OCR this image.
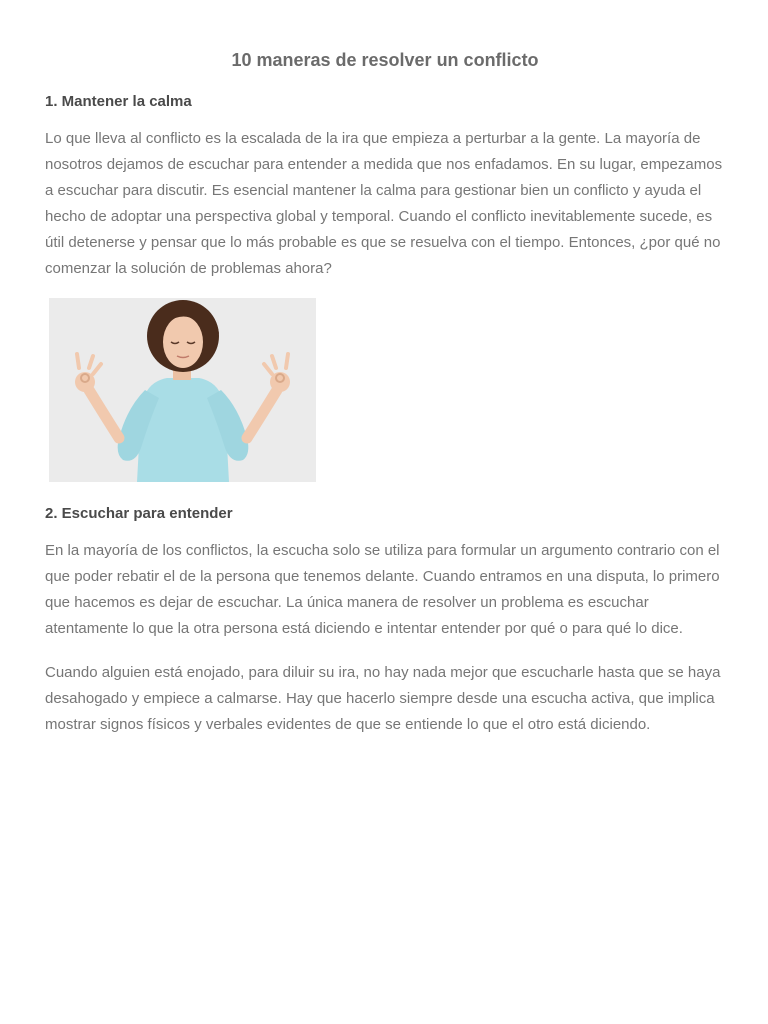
10 maneras de resolver un conflicto
1. Mantener la calma

Lo que lleva al conflicto es la escalada de la ira que empieza a perturbar a la gente. La mayoría de nosotros dejamos de escuchar para entender a medida que nos enfadamos. En su lugar, empezamos a escuchar para discutir. Es esencial mantener la calma para gestionar bien un conflicto y ayuda el hecho de adoptar una perspectiva global y temporal. Cuando el conflicto inevitablemente sucede, es útil detenerse y pensar que lo más probable es que se resuelva con el tiempo. Entonces, ¿por qué no comenzar la solución de problemas ahora?

2. Escuchar para entender

En la mayoría de los conflictos, la escucha solo se utiliza para formular un argumento contrario con el que poder rebatir el de la persona que tenemos delante. Cuando entramos en una disputa, lo primero que hacemos es dejar de escuchar. La única manera de resolver un problema es escuchar atentamente lo que la otra persona está diciendo e intentar entender por qué o para qué lo dice.

Cuando alguien está enojado, para diluir su ira, no hay nada mejor que escucharle hasta que se haya desahogado y empiece a calmarse. Hay que hacerlo siempre desde una escucha activa, que implica mostrar signos físicos y verbales evidentes de que se entiende lo que el otro está diciendo.
